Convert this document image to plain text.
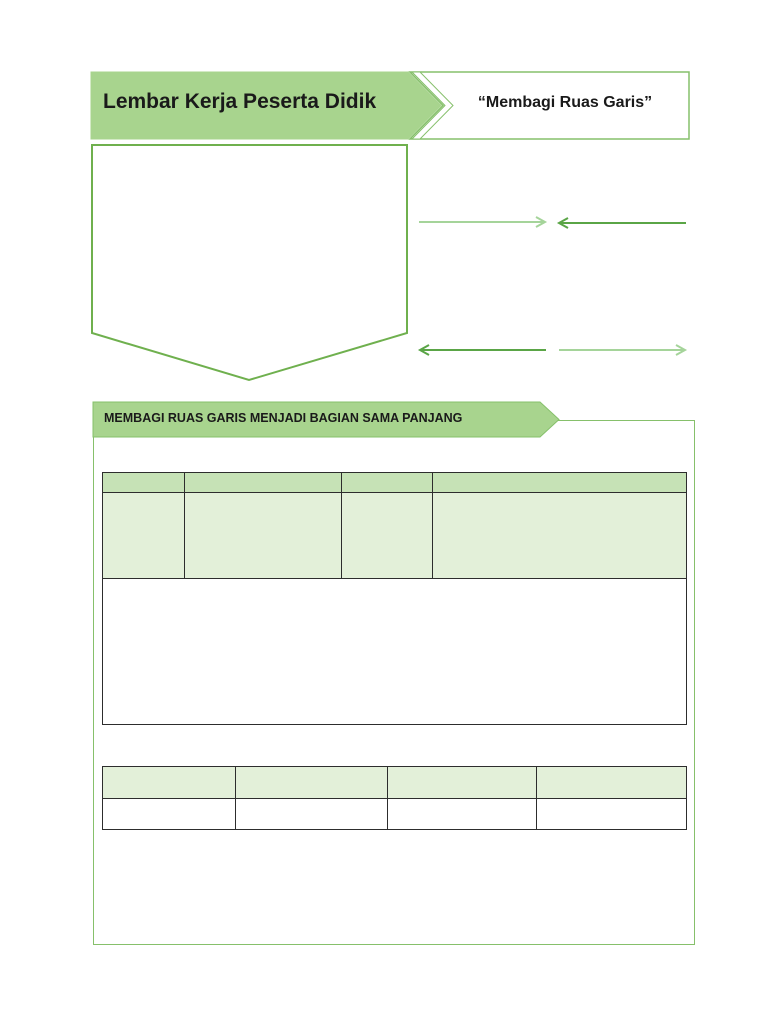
Lembar Kerja Peserta Didik	“Membagi Ruas Garis”
MEMBAGI RUAS GARIS MENJADI BAGIAN SAMA PANJANG
